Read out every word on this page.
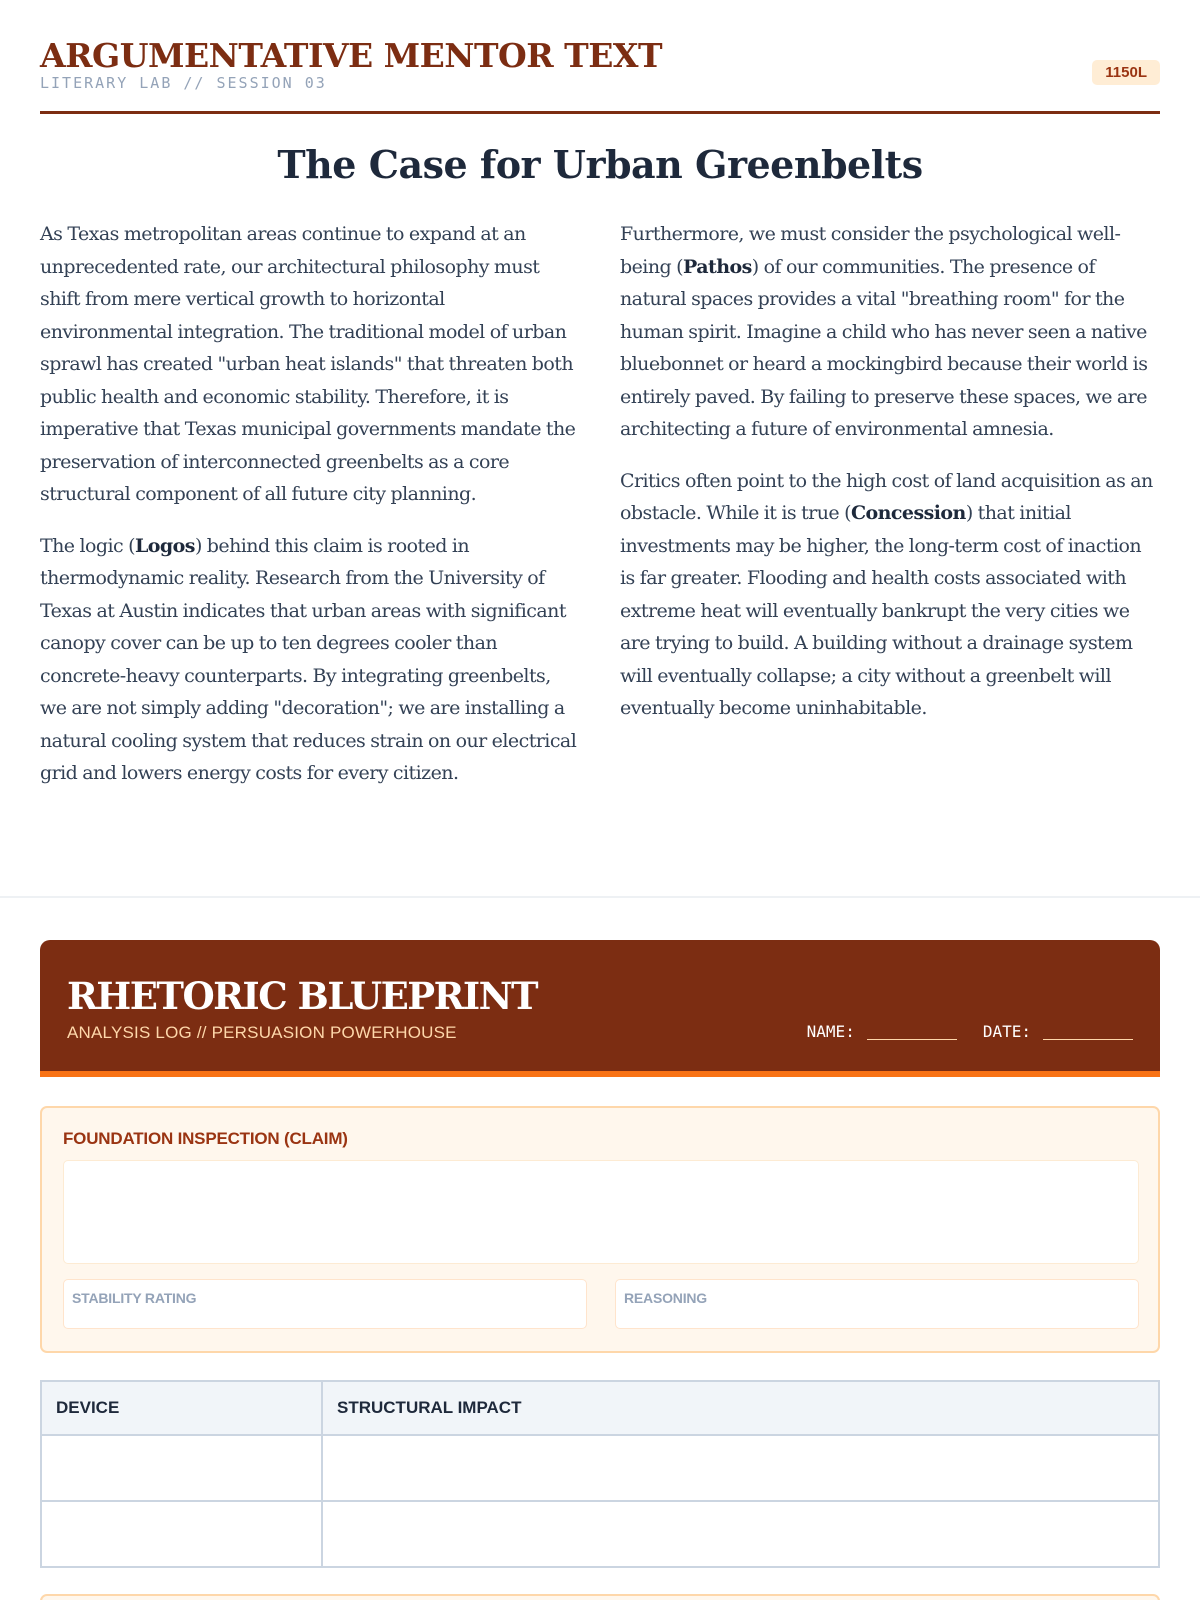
ARGUMENTATIVE MENTOR TEXT
LITERARY LAB // SESSION 03
1150L
The Case for Urban Greenbelts

As Texas metropolitan areas continue to expand at an unprecedented rate, our architectural philosophy must shift from mere vertical growth to horizontal environmental integration. The traditional model of urban sprawl has created "urban heat islands" that threaten both public health and economic stability. Therefore, it is imperative that Texas municipal governments mandate the preservation of interconnected greenbelts as a core structural component of all future city planning.

The logic (Logos) behind this claim is rooted in thermodynamic reality. Research from the University of Texas at Austin indicates that urban areas with significant canopy cover can be up to ten degrees cooler than concrete-heavy counterparts. By integrating greenbelts, we are not simply adding "decoration"; we are installing a natural cooling system that reduces strain on our electrical grid and lowers energy costs for every citizen.

Furthermore, we must consider the psychological well-being (Pathos) of our communities. The presence of natural spaces provides a vital "breathing room" for the human spirit. Imagine a child who has never seen a native bluebonnet or heard a mockingbird because their world is entirely paved. By failing to preserve these spaces, we are architecting a future of environmental amnesia.

Critics often point to the high cost of land acquisition as an obstacle. While it is true (Concession) that initial investments may be higher, the long-term cost of inaction is far greater. Flooding and health costs associated with extreme heat will eventually bankrupt the very cities we are trying to build. A building without a drainage system will eventually collapse; a city without a greenbelt will eventually become uninhabitable.

RHETORIC BLUEPRINT
ANALYSIS LOG // PERSUASION POWERHOUSE	NAME:	DATE:
FOUNDATION INSPECTION (CLAIM)
STABILITY RATING	REASONING
DEVICE	STRUCTURAL IMPACT
